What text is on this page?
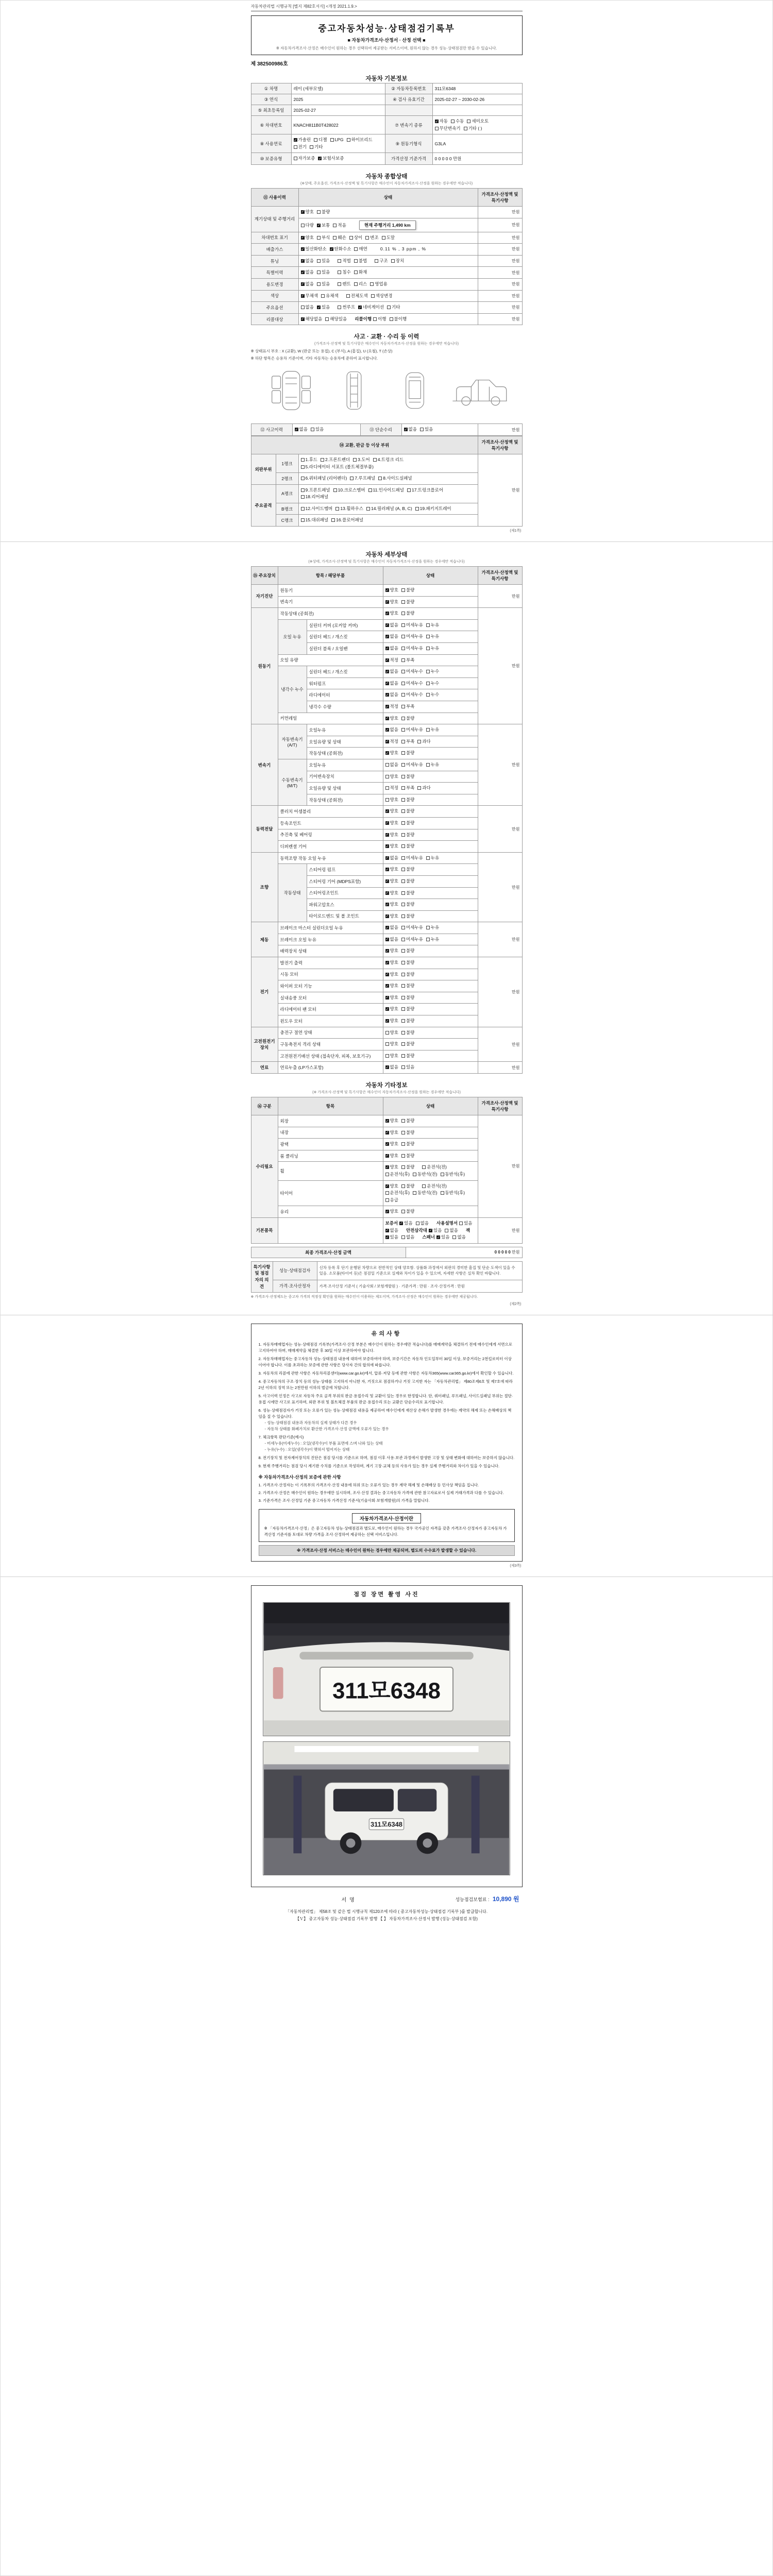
자동차관리법 시행규칙 [별지 제82호서식] <개정 2021.1.9.>
중고자동차성능·상태점검기록부
■ 자동차가격조사·산정서 · 산정 선택 ■
※ 자동차가격조사·산정은 매수인이 원하는 경우 선택하여 제공받는 서비스이며, 원하지 않는 경우 성능·상태점검만 받을 수 있습니다.
제 382500986호
자동차 기본정보
① 차명	레이 (세부모델)	② 자동차등록번호	311모6348
③ 연식	2025	④ 검사 유효기간	2025-02-27 ~ 2030-02-26
⑤ 최초등록일	2025-02-27		
⑥ 차대번호	KNACH811B0T428022	⑦ 변속기 종류	✓자동 수동 세미오토무단변속기 기타 ( )
⑧ 사용연료	✓가솔린 디젤 LPG 하이브리드전기 기타	⑨ 원동기형식	G3LA
⑩ 보증유형	자가보증 ✓ 보험사보증	가격산정 기준가격	0 0 0 0 0 만원
자동차 종합상태
(※상태, 주요옵션, 가격조사·산정액 및 특기사항은 매수인이 자동차가격조사·산정을 원하는 경우에만 적습니다)
⑪ 사용이력	상태	가격조사·산정액 및 특기사항
계기상태 및 주행거리	✓양호 불량	만원
	다량 ✓ 보통 적음 현재 주행거리 1,490 km	만원
차대번호 표기	✓양호 부식 훼손 상이 변조 도말	만원
배출가스	✓일산화탄소 ✓ 탄화수소 매연 0.11 % , 3 ppm , %	만원
튜닝	✓없음 있음 적법 불법 구조 장치	만원
특별이력	✓없음 있음 침수 화재	만원
용도변경	✓없음 있음 렌트 리스 영업용	만원
색상	✓무채색 유채색 전체도색 색상변경	만원
주요옵션	없음 ✓ 있음 썬루프 ✓ 네비게이션 기타	만원
리콜대상	✓해당없음 해당있음 리콜이행 이행 불이행	만원
사고 · 교환 · 수리 등 이력
(가격조사·산정액 및 특기사항은 매수인이 자동차가격조사·산정을 원하는 경우에만 적습니다)
※ 상태표시 부호 : X (교환), W (판금 또는 용접), C (부식), A (흠집), U (요철), T (손상)
※ 하단 항목은 승용차 기준이며, 기타 자동차는 승용차에 준하여 표시합니다.
⑫ 사고이력	✓없음 있음	⑬ 단순수리	✓없음 있음	만원
⑭ 교환, 판금 등 이상 부위			가격조사·산정액 및 특기사항
외판부위	1랭크	1.후드 2.프론트펜더 3.도어 4.트렁크 리드5.라디에이터 서포트 (볼트체결부품)	만원
	2랭크	6.쿼터패널 (리어펜더) 7.루프패널 8.사이드실패널	
주요골격	A랭크	9.프론트패널 10.크로스멤버 11.인사이드패널 17.트렁크플로어18.리어패널	
	B랭크	12.사이드멤버 13.휠하우스 14.필러패널 (A, B, C) 19.패키지트레이	
	C랭크	15.대쉬패널 16.플로어패널	
(제1쪽)
자동차 세부상태
(※상태, 가격조사·산정액 및 특기사항은 매수인이 자동차가격조사·산정을 원하는 경우에만 적습니다)
⑮ 주요장치	항목 / 해당부품		상태	가격조사·산정액 및 특기사항
자기진단	원동기	✓양호 불량	만원
	변속기	✓양호 불량
원동기	작동상태 (공회전)	✓양호 불량	만원
	오일 누유	실린더 커버 (로커암 커버)	✓없음 미세누유 누유
		실린더 헤드 / 개스킷	✓없음 미세누유 누유
		실린더 블록 / 오일팬	✓없음 미세누유 누유
	오일 유량	✓적정 부족
	냉각수 누수	실린더 헤드 / 개스킷	✓없음 미세누수 누수
		워터펌프	✓없음 미세누수 누수
		라디에이터	✓없음 미세누수 누수
		냉각수 수량	✓적정 부족
	커먼레일	✓양호 불량
변속기	자동변속기 (A/T)	오일누유	✓없음 미세누유 누유	만원
		오일유량 및 상태	✓적정 부족 과다
		작동상태 (공회전)	✓양호 불량
	수동변속기 (M/T)	오일누유	없음 미세누유 누유	
		기어변속장치	양호 불량	
		오일유량 및 상태	적정 부족 과다	
		작동상태 (공회전)	양호 불량	
동력전달	클러치 어셈블리	✓양호 불량	만원
	등속조인트	✓양호 불량
	추진축 및 베어링	✓양호 불량
	디퍼렌셜 기어	✓양호 불량
조향	동력조향 작동 오일 누유	✓없음 미세누유 누유	만원
	작동상태	스티어링 펌프	✓양호 불량
		스티어링 기어 (MDPS포함)	✓양호 불량
		스티어링조인트	✓양호 불량
		파워고압호스	✓양호 불량
		타이로드엔드 및 볼 조인트	✓양호 불량
제동	브레이크 마스터 실린더오일 누유	✓없음 미세누유 누유	만원
	브레이크 오일 누유	✓없음 미세누유 누유
	배력장치 상태	✓양호 불량
전기	발전기 출력	✓양호 불량	만원
	시동 모터	✓양호 불량
	와이퍼 모터 기능	✓양호 불량
	실내송풍 모터	✓양호 불량
	라디에이터 팬 모터	✓양호 불량
	윈도우 모터	✓양호 불량
고전원전기장치	충전구 절연 상태		양호 불량	만원
	구동축전지 격리 상태		양호 불량	
	고전원전기배선 상태 (접속단자, 피복, 보호기구)		양호 불량	
연료	연료누출 (LP가스포함)	✓없음 있음	만원
자동차 기타정보
(※ 가격조사·산정액 및 특기사항은 매수인이 자동차가격조사·산정을 원하는 경우에만 적습니다)
⑯ 구분	항목	상태	가격조사·산정액 및 특기사항
수리필요	외장	✓양호 불량	만원
	내장	✓양호 불량
	광택	✓양호 불량
	룸 클리닝	✓양호 불량
	휠	✓양호 불량 운전석(전)운전석(후) 동반석(전) 동반석(후)
	타이어	✓양호 불량 운전석(전)운전석(후) 동반석(전) 동반석(후)응급
	유리	✓양호 불량
기본품목		보증서 ✓ 있음 없음 사용설명서 있음✓없음 안전삼각대 ✓ 있음 없음 잭✓있음 없음 스패너 ✓ 있음 없음	만원
최종 가격조사·산정 금액	0 0 0 0 0 만원
특기사항 및 점검자의 의견	성능·상태점검자	신차 등록 후 단기 운행된 차량으로 전반적인 상태 양호함. 상품화 과정에서 외판의 경미한 흠집 및 단순 도색이 있을 수 있음. 소모품(타이어 등)은 점검일 기준으로 실제와 차이가 있을 수 있으며, 자세한 사항은 실차 확인 바랍니다.
	가격·조사산정자	가격·조사산정 기준서 ( 기술사회 / 보험개발원 ) · 기준가격 : 만원 · 조사·산정가격 : 만원
※ 가격조사·산정제도는 중고차 가격의 적정성 확인을 원하는 매수인이 이용하는 제도이며, 가격조사·산정은 매수인이 원하는 경우에만 제공됩니다.
(제2쪽)
유의사항
1. 자동차매매업자는 성능·상태점검 기록부(가격조사·산정 부분은 매수인이 원하는 경우에만 적습니다)를 매매계약을 체결하기 전에 매수인에게 서면으로 고지하여야 하며, 매매계약을 체결한 후 30일 이상 보관하여야 합니다.
2. 자동차매매업자는 중고자동차 성능·상태점검 내용에 대하여 보증하여야 하며, 보증기간은 자동차 인도일부터 30일 이상, 보증거리는 2천킬로미터 이상이어야 합니다. 이를 초과하는 보증에 관한 사항은 당사자 간의 합의에 따릅니다.
3. 자동차의 리콜에 관한 사항은 자동차리콜센터(www.car.go.kr)에서, 압류·저당 등에 관한 사항은 자동차365(www.car365.go.kr)에서 확인할 수 있습니다.
4. 중고자동차의 구조·장치 등의 성능·상태를 고지하지 아니한 자, 거짓으로 점검하거나 거짓 고지한 자는 「자동차관리법」 제80조제6호 및 제7호에 따라 2년 이하의 징역 또는 2천만원 이하의 벌금에 처합니다.
5. 사고이력 인정은 사고로 자동차 주요 골격 부위의 판금·용접수리 및 교환이 있는 경우로 한정합니다. 단, 쿼터패널, 루프패널, 사이드실패널 부위는 절단·용접 시에만 사고로 표기하며, 외판 부위 및 볼트체결 부품의 판금·용접수리 또는 교환은 단순수리로 표기합니다.
6. 성능·상태점검자가 거짓 또는 오류가 있는 성능·상태점검 내용을 제공하여 매수인에게 재산상 손해가 발생한 경우에는 계약의 해제 또는 손해배상의 책임을 질 수 있습니다.
- 성능·상태점검 내용과 자동차의 실제 상태가 다른 경우
- 자동차 상태를 화폐가치로 환산한 가격조사·산정 금액에 오류가 있는 경우
7. 체크항목 판단기준(예시)
- 미세누유(미세누수) : 오일(냉각수)이 부품 표면에 스며 나와 있는 상태
- 누유(누수) : 오일(냉각수)이 맺혀서 떨어지는 상태
8. 전기장치 및 전자제어장치의 진단은 점검 당시를 기준으로 하며, 점검 이후 사용·보관 과정에서 발생한 고장 및 상태 변화에 대하여는 보증하지 않습니다.
9. 현재 주행거리는 점검 당시 계기판 수치를 기준으로 작성하며, 계기 고장·교체 등의 사유가 있는 경우 실제 주행거리와 차이가 있을 수 있습니다.
※ 자동차가격조사·산정의 보증에 관한 사항
1. 가격조사·산정자는 이 기록부의 가격조사·산정 내용에 허위 또는 오류가 있는 경우 계약 해제 및 손해배상 등 민사상 책임을 집니다.
2. 가격조사·산정은 매수인이 원하는 경우에만 실시하며, 조사·산정 결과는 중고자동차 가격에 관한 참고자료로서 실제 거래가격과 다를 수 있습니다.
3. 기준가격은 조사·산정일 기준 중고자동차 가격산정 기준서(기술사회·보험개발원)의 가격을 말합니다.
자동차가격조사·산정이란
※ 「자동차가격조사·산정」은 중고자동차 성능·상태점검과 별도로, 매수인이 원하는 경우 국가공인 자격을 갖춘 가격조사·산정자가 중고자동차 가격산정 기준서를 토대로 차량 가격을 조사·산정하여 제공하는 선택 서비스입니다.
※ 가격조사·산정 서비스는 매수인이 원하는 경우에만 제공되며, 별도의 수수료가 발생할 수 있습니다.
(제3쪽)
점검 장면 촬영 사진
311모6348
311모6348
서명	성능점검보험료 : 10,890 원
「자동차관리법」 제58조 및 같은 법 시행규칙 제120조에 따라 ( 중고자동차성능·상태점검 기록부 )를 발급합니다.
【Ｖ】 중고자동차 성능·상태점검 기록부 발행 【 】 자동차가격조사·산정서 발행 (성능·상태점검 포함)
